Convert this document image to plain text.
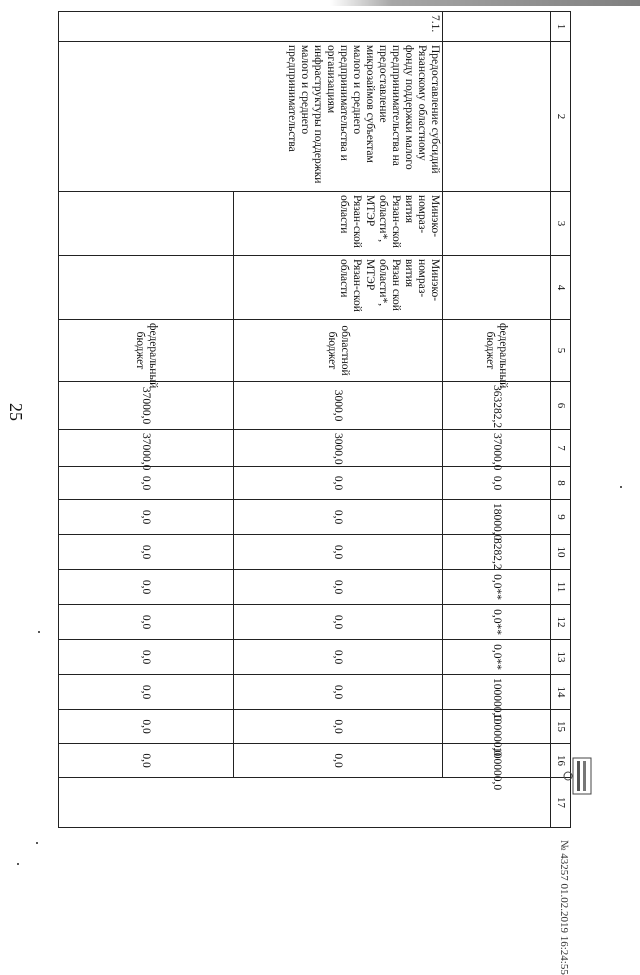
25
1	2	3	4	5	6	7	8	9	10	11	12	13	14	15	16	17
				федеральный бюджет	363282,2	37000,0	0,0	18000,0	8282,2	0,0**	0,0**	0,0**	100000,0	100000,0	100000,0	
7.1.	Предоставление субсидий Рязанскому областному фонду поддержки малого предпринимательства на предоставление микрозаймов субъектам малого и среднего предпринимательства и организациям инфраструктуры поддержки малого и среднего предпринимательства	Минэко-номраз-вития Рязан-ской области*, МТЭР Рязан-ской области	Минэко-номраз-вития Рязан ской области*, МТЭР Рязан-ской области	областной бюджет	3000,0	3000,0	0,0	0,0	0,0	0,0	0,0	0,0	0,0	0,0	0,0	
				федеральный бюджет	37000,0	37000,0	0,0	0,0	0,0	0,0	0,0	0,0	0,0	0,0	0,0	
№ 43257 01.02.2019 16:24:55
